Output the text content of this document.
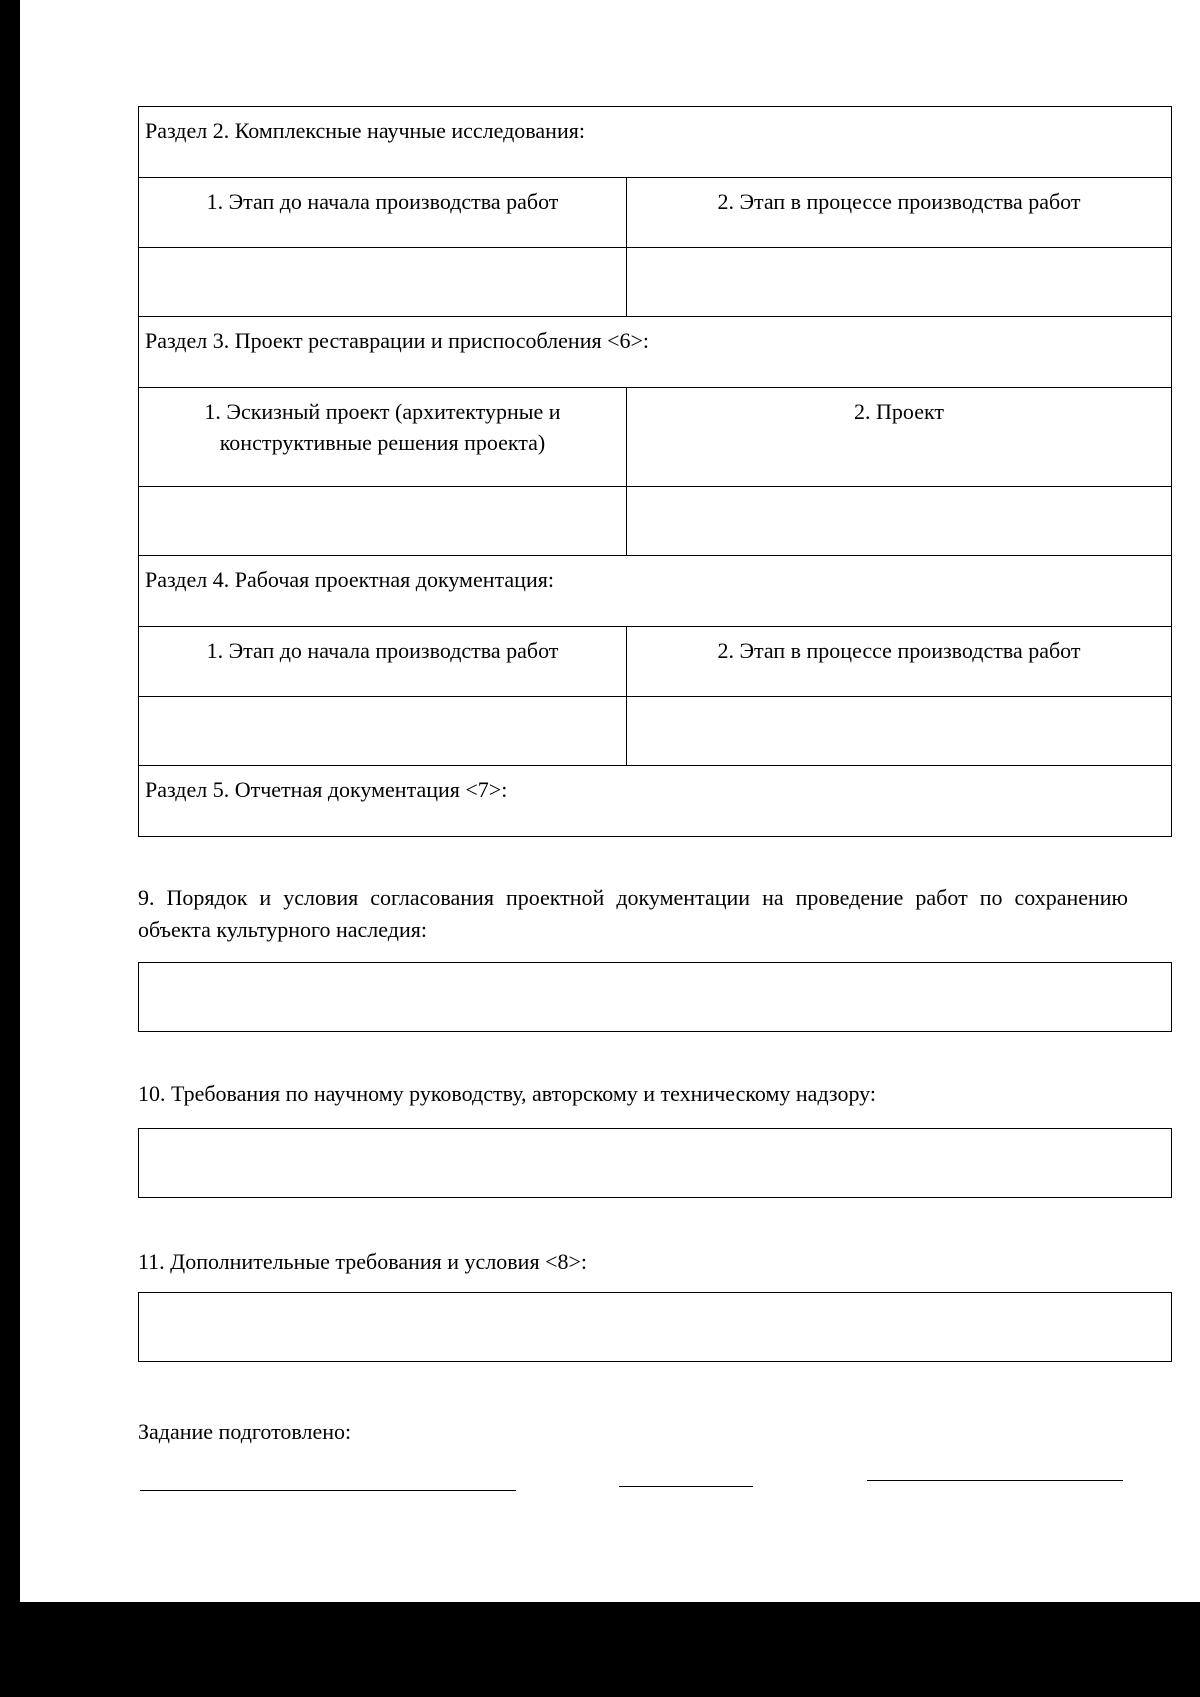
Раздел 2. Комплексные научные исследования:	
1. Этап до начала производства работ	2. Этап в процессе производства работ

Раздел 3. Проект реставрации и приспособления <6>:	
1. Эскизный проект (архитектурные и конструктивные решения проекта)	2. Проект

Раздел 4. Рабочая проектная документация:	
1. Этап до начала производства работ	2. Этап в процессе производства работ

Раздел 5. Отчетная документация <7>:	
9. Порядок и условия согласования проектной документации на проведение работ по сохранению объекта культурного наследия:
10. Требования по научному руководству, авторскому и техническому надзору:
11. Дополнительные требования и условия <8>:
Задание подготовлено:
